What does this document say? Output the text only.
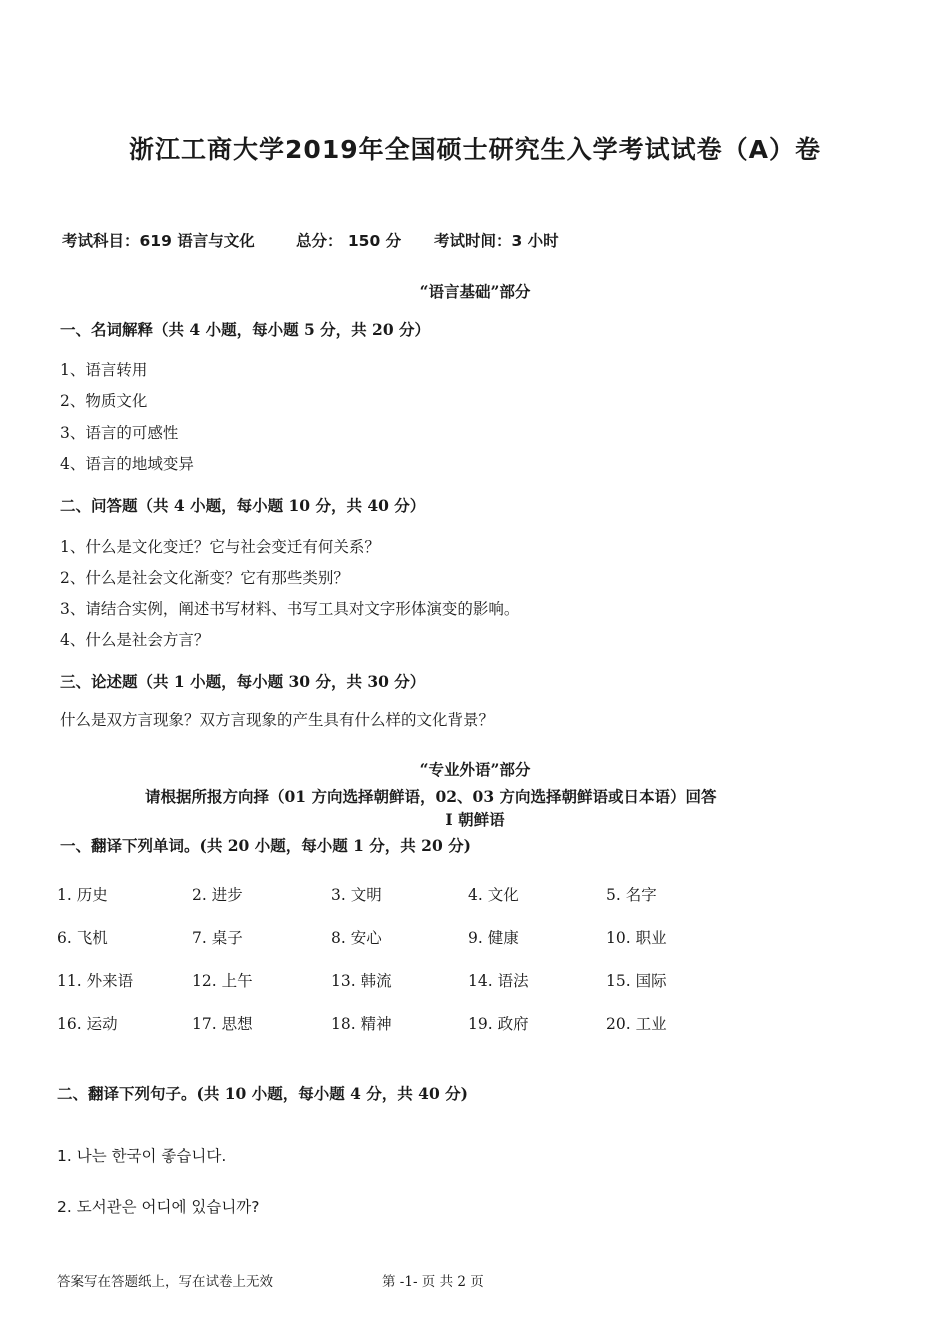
浙江工商大学2019年全国硕士研究生入学考试试卷（A）卷
考试科目：619 语言与文化	总分： 150 分 考试时间：3 小时
“语言基础”部分
一、名词解释（共 4 小题，每小题 5 分，共 20 分）
1、语言转用
2、物质文化
3、语言的可感性
4、语言的地域变异
二、问答题（共 4 小题，每小题 10 分，共 40 分）
1、什么是文化变迁？它与社会变迁有何关系？
2、什么是社会文化渐变？它有那些类别？
3、请结合实例，阐述书写材料、书写工具对文字形体演变的影响。
4、什么是社会方言？
三、论述题（共 1 小题，每小题 30 分，共 30 分）
什么是双方言现象？双方言现象的产生具有什么样的文化背景？
“专业外语”部分
请根据所报方向择（01 方向选择朝鲜语，02、03 方向选择朝鲜语或日本语）回答
Ⅰ 朝鲜语
一、翻译下列单词。(共 20 小题，每小题 1 分，共 20 分)
1. 历史	2. 进步	3. 文明	4. 文化	5. 名字
6. 飞机	7. 桌子	8. 安心	9. 健康	10. 职业
11. 外来语	12. 上午	13. 韩流	14. 语法	15. 国际
16. 运动	17. 思想	18. 精神	19. 政府	20. 工业
二、翻译下列句子。(共 10 小题，每小题 4 分，共 40 分)
1. 나는 한국이 좋습니다.
2. 도서관은 어디에 있습니까?
答案写在答题纸上，写在试卷上无效	第 -1- 页 共 2 页
